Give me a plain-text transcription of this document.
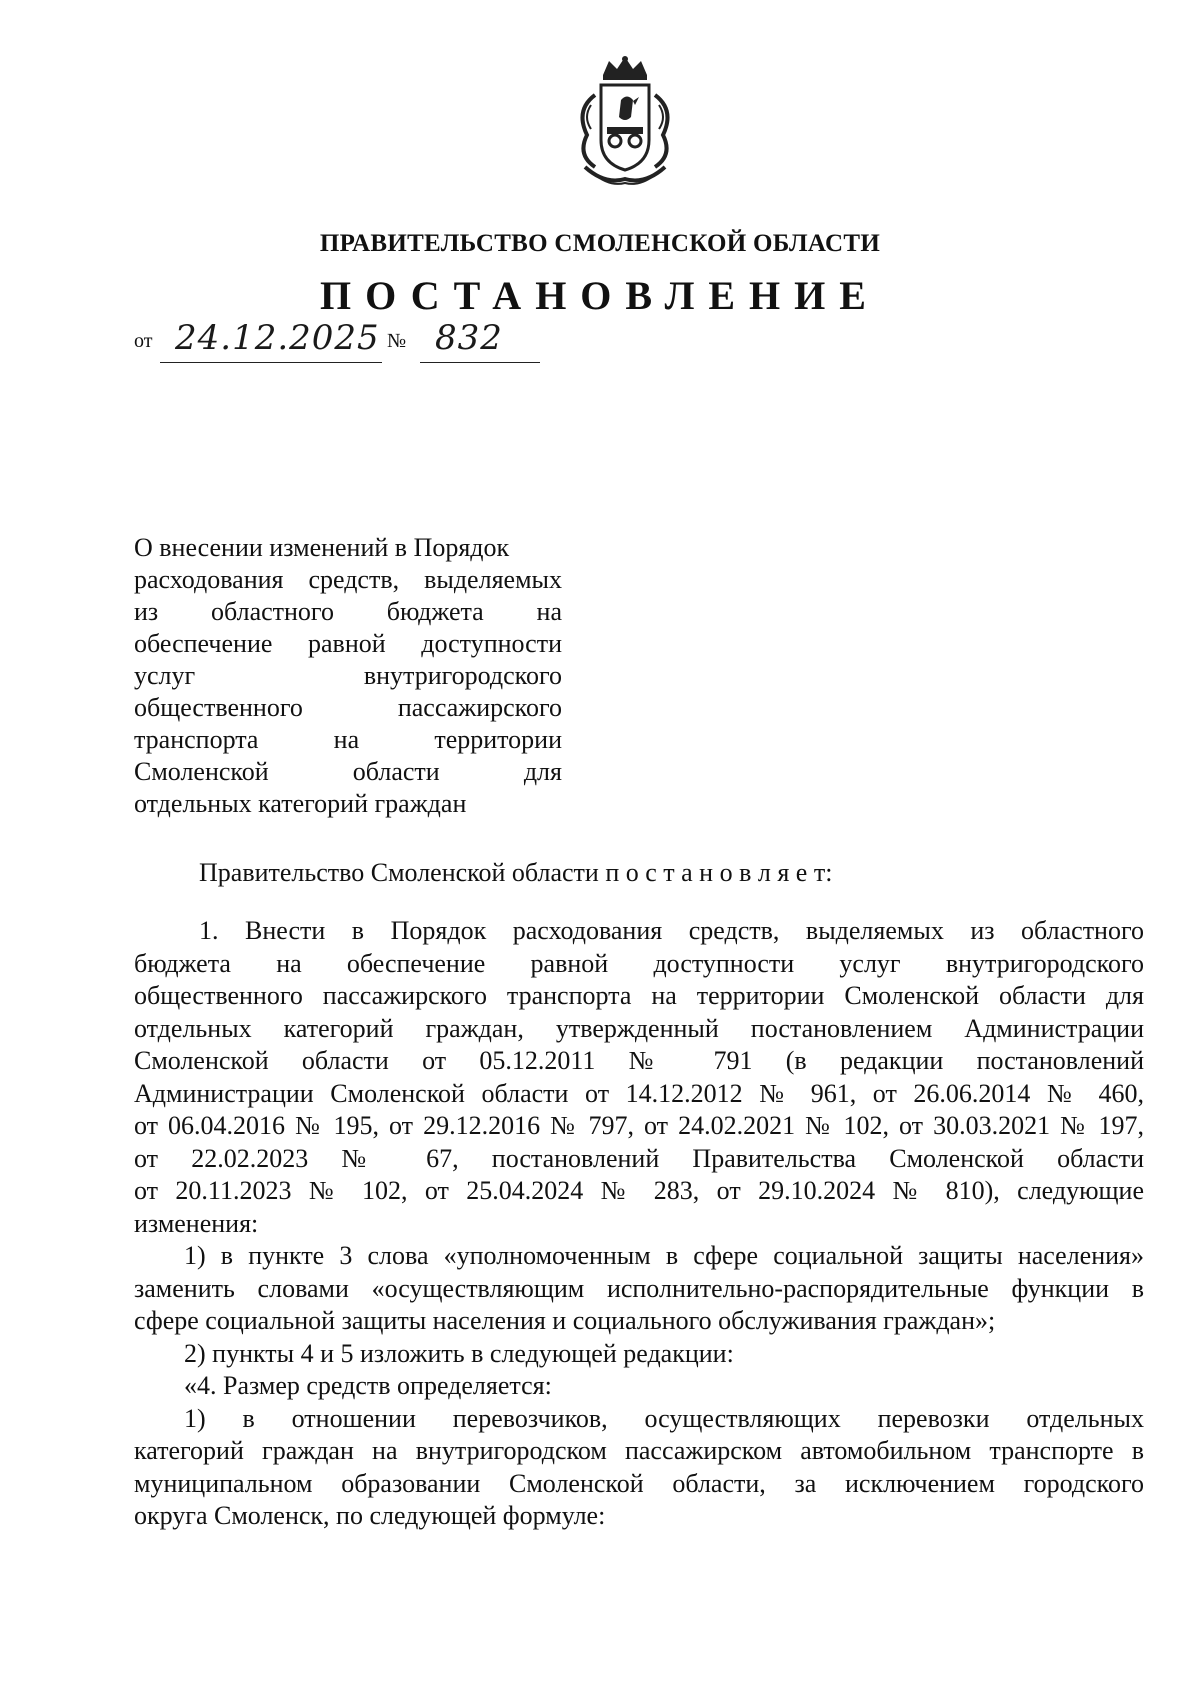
ПРАВИТЕЛЬСТВО СМОЛЕНСКОЙ ОБЛАСТИ
ПОСТАНОВЛЕНИЕ
от 24.12.2025 № 832
О внесении изменений в Порядок
расходования средств, выделяемых
из областного бюджета на
обеспечение равной доступности
услуг внутригородского
общественного пассажирского
транспорта на территории
Смоленской области для
отдельных категорий граждан
Правительство Смоленской области п о с т а н о в л я е т:
1. Внести в Порядок расходования средств, выделяемых из областного
бюджета на обеспечение равной доступности услуг внутригородского
общественного пассажирского транспорта на территории Смоленской области для
отдельных категорий граждан, утвержденный постановлением Администрации
Смоленской области от 05.12.2011 № 791 (в редакции постановлений
Администрации Смоленской области от 14.12.2012 № 961, от 26.06.2014 № 460,
от 06.04.2016 № 195, от 29.12.2016 № 797, от 24.02.2021 № 102, от 30.03.2021 № 197,
от 22.02.2023 № 67, постановлений Правительства Смоленской области
от 20.11.2023 № 102, от 25.04.2024 № 283, от 29.10.2024 № 810), следующие
изменения:
1) в пункте 3 слова «уполномоченным в сфере социальной защиты населения»
заменить словами «осуществляющим исполнительно-распорядительные функции в
сфере социальной защиты населения и социального обслуживания граждан»;
2) пункты 4 и 5 изложить в следующей редакции:
«4. Размер средств определяется:
1) в отношении перевозчиков, осуществляющих перевозки отдельных
категорий граждан на внутригородском пассажирском автомобильном транспорте в
муниципальном образовании Смоленской области, за исключением городского
округа Смоленск, по следующей формуле:
